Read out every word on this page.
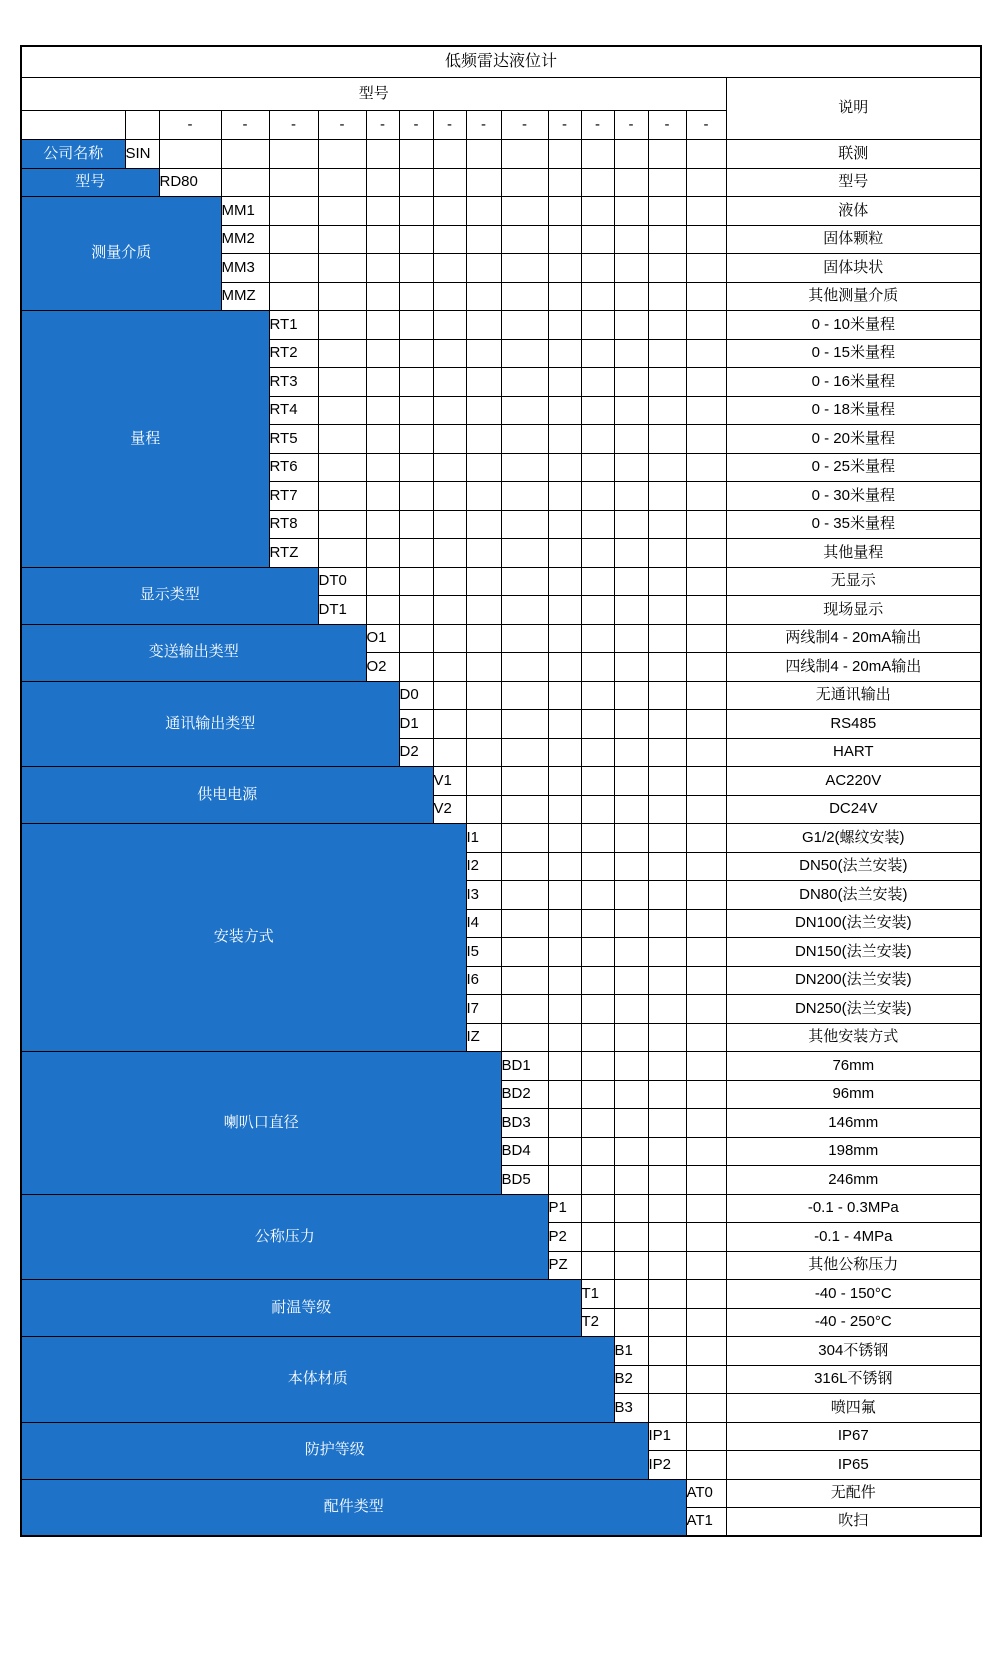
低频雷达液位计																
型号																说明
		-	-	-	-	-	-	-	-	-	-	-	-	-	-	
公司名称	SIN															联测
型号		RD80														型号
测量介质			MM1													液体
			MM2													固体颗粒
			MM3													固体块状
			MMZ													其他测量介质
量程				RT1												0 - 10米量程
				RT2												0 - 15米量程
				RT3												0 - 16米量程
				RT4												0 - 18米量程
				RT5												0 - 20米量程
				RT6												0 - 25米量程
				RT7												0 - 30米量程
				RT8												0 - 35米量程
				RTZ												其他量程
显示类型					DT0											无显示
					DT1											现场显示
变送输出类型						O1										两线制4 - 20mA输出
						O2										四线制4 - 20mA输出
通讯输出类型							D0									无通讯输出
							D1									RS485
							D2									HART
供电电源								V1								AC220V
								V2								DC24V
安装方式									I1							G1/2(螺纹安装)
									I2							DN50(法兰安装)
									I3							DN80(法兰安装)
									I4							DN100(法兰安装)
									I5							DN150(法兰安装)
									I6							DN200(法兰安装)
									I7							DN250(法兰安装)
									IZ							其他安装方式
喇叭口直径										BD1						76mm
										BD2						96mm
										BD3						146mm
										BD4						198mm
										BD5						246mm
公称压力											P1					-0.1 - 0.3MPa
											P2					-0.1 - 4MPa
											PZ					其他公称压力
耐温等级												T1				-40 - 150°C
												T2				-40 - 250°C
本体材质													B1			304不锈钢
													B2			316L不锈钢
													B3			喷四氟
防护等级														IP1		IP67
														IP2		IP65
配件类型															AT0	无配件
															AT1	吹扫
